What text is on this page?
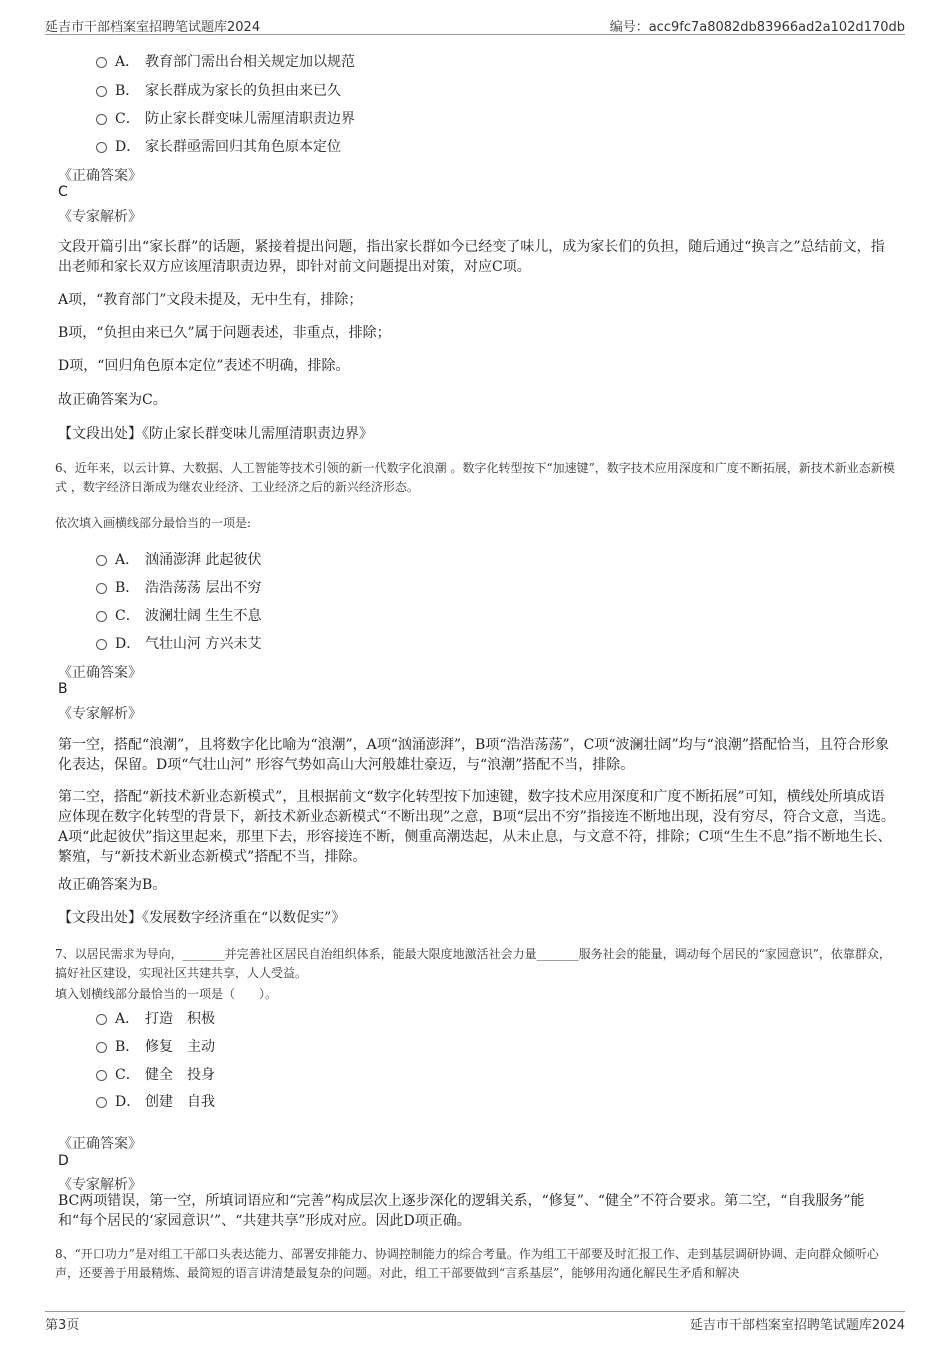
延吉市干部档案室招聘笔试题库2024	编号：acc9fc7a8082db83966ad2a102d170db
A． 教育部门需出台相关规定加以规范
B． 家长群成为家长的负担由来已久
C． 防止家长群变味儿需厘清职责边界
D． 家长群亟需回归其角色原本定位
《正确答案》
C
《专家解析》
文段开篇引出“家长群”的话题，紧接着提出问题，指出家长群如今已经变了味儿，成为家长们的负担，随后通过“换言之”总结前文，指出老师和家长双方应该厘清职责边界，即针对前文问题提出对策，对应C项。
A项，“教育部门”文段未提及，无中生有，排除；
B项，“负担由来已久”属于问题表述，非重点，排除；
D项，“回归角色原本定位”表述不明确，排除。
故正确答案为C。
【文段出处】《防止家长群变味儿需厘清职责边界》
6、近年来，以云计算、大数据、人工智能等技术引领的新一代数字化浪潮 。数字化转型按下“加速键”，数字技术应用深度和广度不断拓展，新技术新业态新模式 ，数字经济日渐成为继农业经济、工业经济之后的新兴经济形态。
依次填入画横线部分最恰当的一项是:
A． 汹涌澎湃 此起彼伏
B． 浩浩荡荡 层出不穷
C． 波澜壮阔 生生不息
D． 气壮山河 方兴未艾
《正确答案》
B
《专家解析》
第一空，搭配“浪潮”，且将数字化比喻为“浪潮”，A项“汹涌澎湃”，B项“浩浩荡荡”，C项“波澜壮阔”均与“浪潮”搭配恰当，且符合形象化表达，保留。D项“气壮山河” 形容气势如高山大河般雄壮豪迈，与“浪潮”搭配不当，排除。
第二空，搭配“新技术新业态新模式”，且根据前文“数字化转型按下加速键，数字技术应用深度和广度不断拓展”可知，横线处所填成语应体现在数字化转型的背景下，新技术新业态新模式“不断出现”之意，B项“层出不穷”指接连不断地出现，没有穷尽，符合文意，当选。A项“此起彼伏”指这里起来，那里下去，形容接连不断，侧重高潮迭起，从未止息，与文意不符，排除；C项“生生不息”指不断地生长、繁殖，与“新技术新业态新模式”搭配不当，排除。
故正确答案为B。
【文段出处】《发展数字经济重在“以数促实”》
7、以居民需求为导向，_______并完善社区居民自治组织体系，能最大限度地激活社会力量_______服务社会的能量，调动每个居民的“家园意识”，依靠群众，搞好社区建设，实现社区共建共享，人人受益。
填入划横线部分最恰当的一项是（　　）。
A． 打造　积极
B． 修复　主动
C． 健全　投身
D． 创建　自我
《正确答案》
D
《专家解析》
BC两项错误，第一空，所填词语应和“完善”构成层次上逐步深化的逻辑关系，“修复”、“健全”不符合要求。第二空，“自我服务”能和“每个居民的‘家园意识’”、“共建共享”形成对应。因此D项正确。
8、“开口功力”是对组工干部口头表达能力、部署安排能力、协调控制能力的综合考量。作为组工干部要及时汇报工作、走到基层调研协调、走向群众倾听心声，还要善于用最精炼、最简短的语言讲清楚最复杂的问题。对此，组工干部要做到“言系基层”，能够用沟通化解民生矛盾和解决
第3页	延吉市干部档案室招聘笔试题库2024
